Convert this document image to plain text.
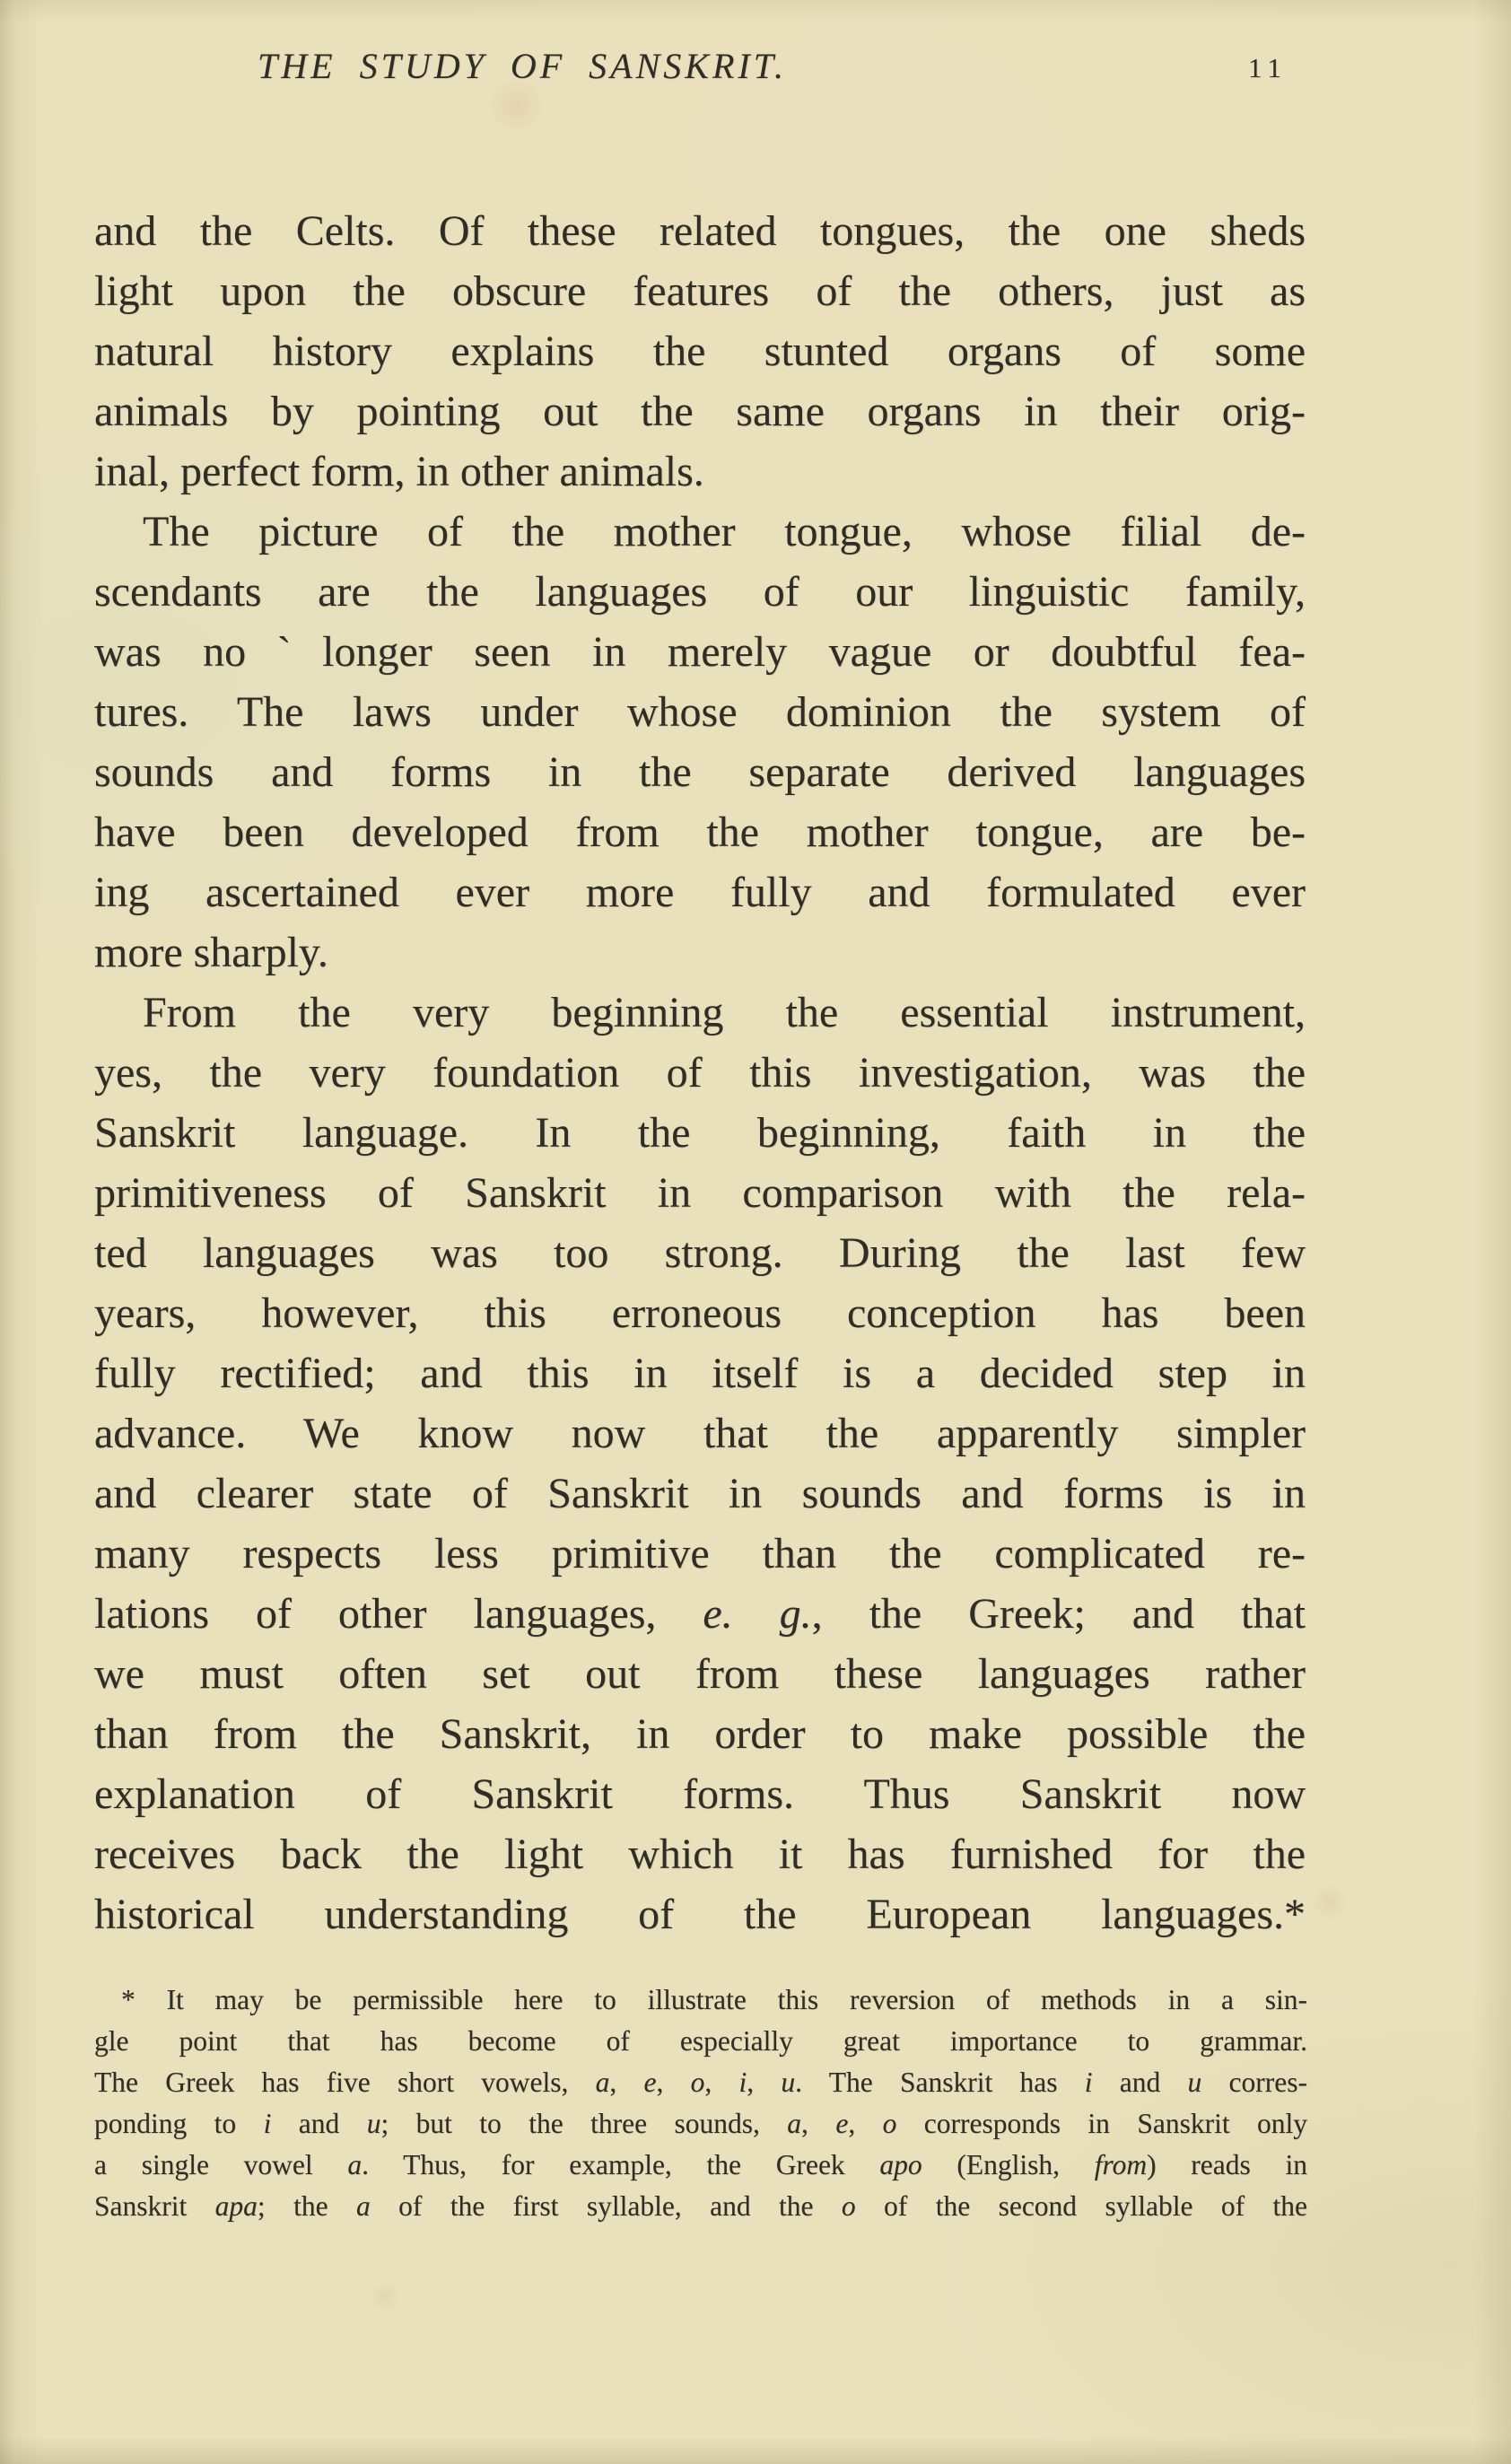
THE STUDY OF SANSKRIT.	11
and the Celts. Of these related tongues, the one sheds
light upon the obscure features of the others, just as
natural history explains the stunted organs of some
animals by pointing out the same organs in their orig-
inal, perfect form, in other animals.
The picture of the mother tongue, whose filial de-
scendants are the languages of our linguistic family,
was noˋlonger seen in merely vague or doubtful fea-
tures. The laws under whose dominion the system of
sounds and forms in the separate derived languages
have been developed from the mother tongue, are be-
ing ascertained ever more fully and formulated ever
more sharply.
From the very beginning the essential instrument,
yes, the very foundation of this investigation, was the
Sanskrit language. In the beginning, faith in the
primitiveness of Sanskrit in comparison with the rela-
ted languages was too strong. During the last few
years, however, this erroneous conception has been
fully rectified; and this in itself is a decided step in
advance. We know now that the apparently simpler
and clearer state of Sanskrit in sounds and forms is in
many respects less primitive than the complicated re-
lations of other languages, e. g., the Greek; and that
we must often set out from these languages rather
than from the Sanskrit, in order to make possible the
explanation of Sanskrit forms. Thus Sanskrit now
receives back the light which it has furnished for the
historical understanding of the European languages.*
* It may be permissible here to illustrate this reversion of methods in a sin-
gle point that has become of especially great importance to grammar.
The Greek has five short vowels, a, e, o, i, u. The Sanskrit has i and u corres-
ponding to i and u; but to the three sounds, a, e, o corresponds in Sanskrit only
a single vowel a. Thus, for example, the Greek apo (English, from) reads in
Sanskrit apa; the a of the first syllable, and the o of the second syllable of the
